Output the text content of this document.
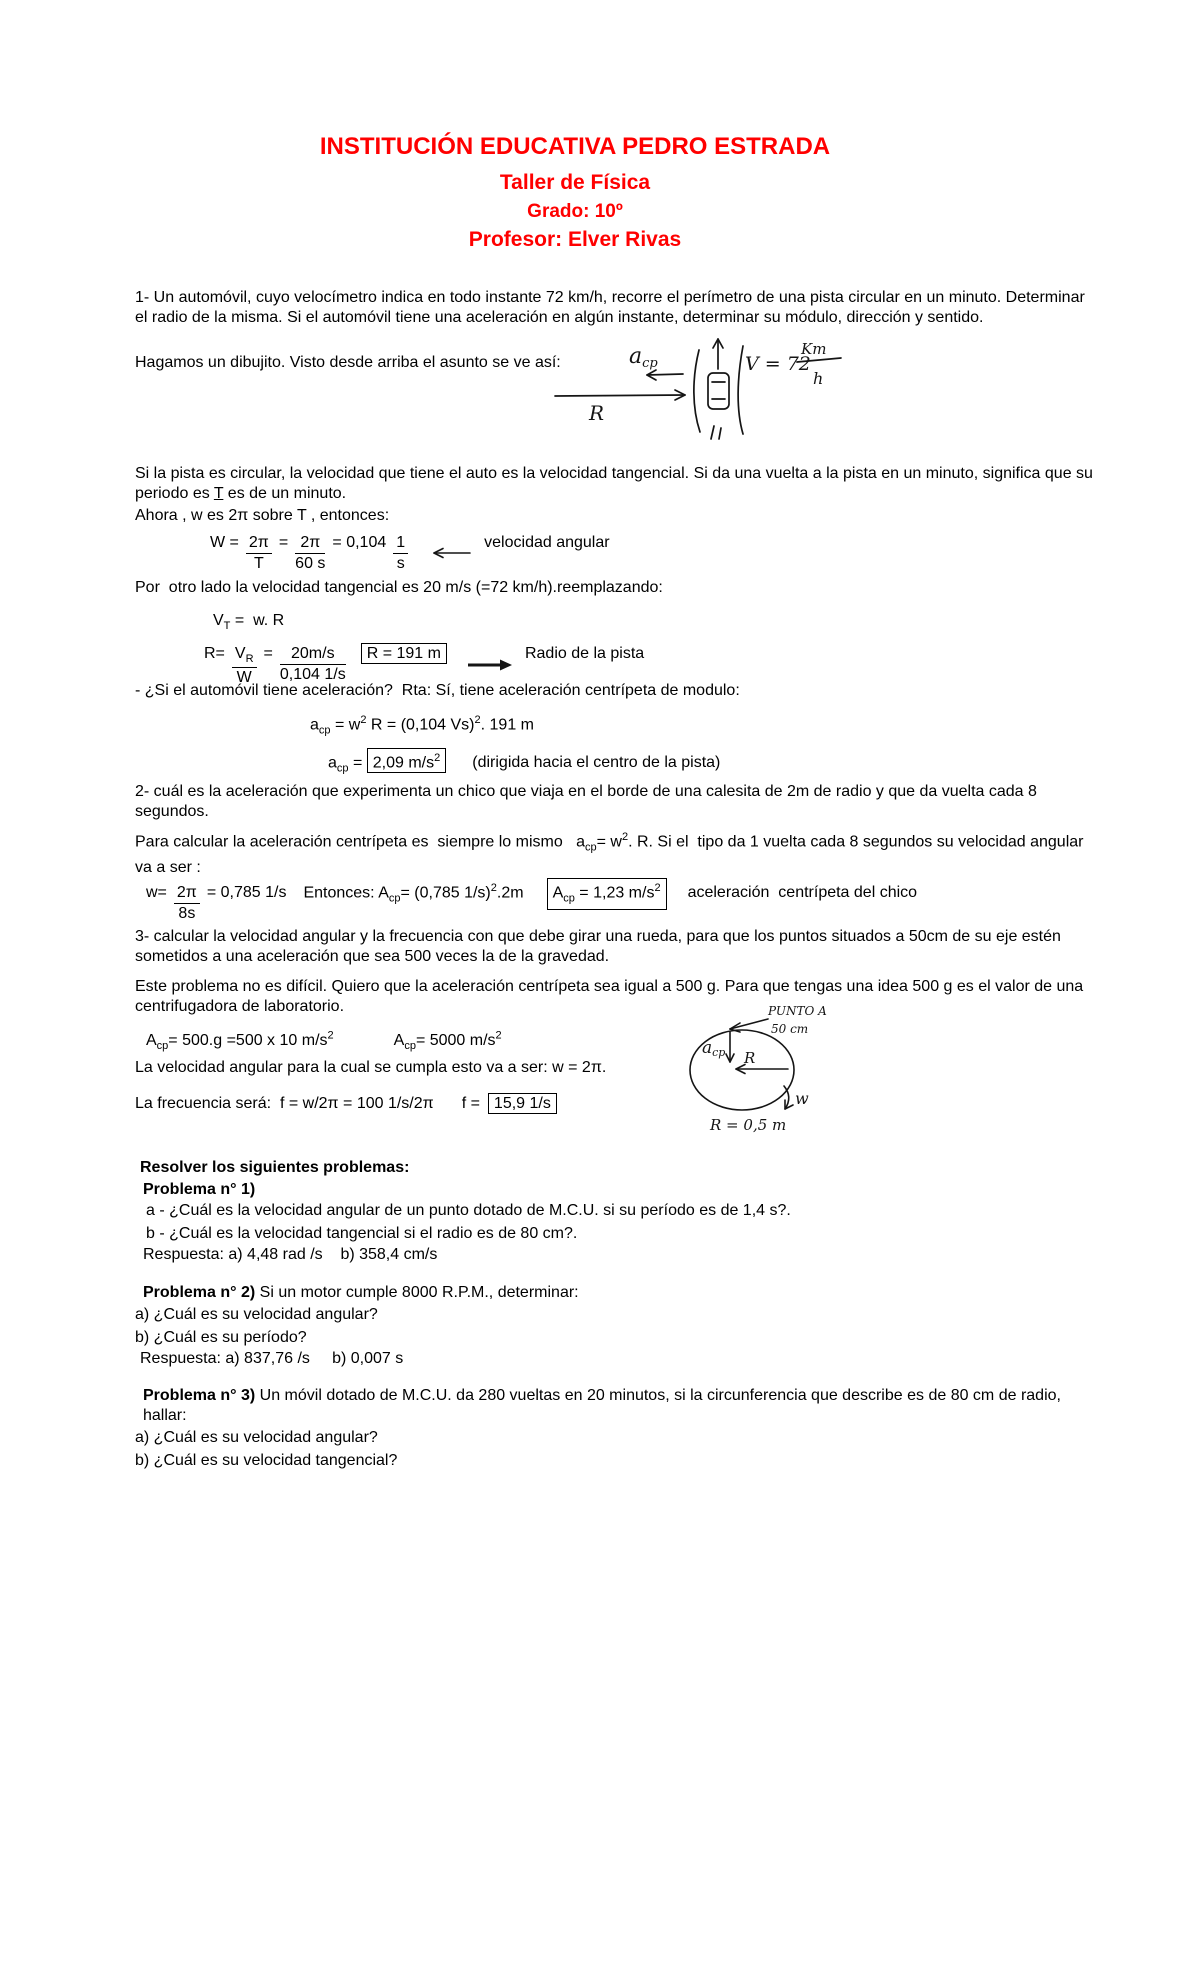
INSTITUCIÓN EDUCATIVA PEDRO ESTRADA
Taller de Física
Grado: 10º
Profesor: Elver Rivas
1- Un automóvil, cuyo velocímetro indica en todo instante 72 km/h, recorre el perímetro de una pista circular en un minuto. Determinar el radio de la misma. Si el automóvil tiene una aceleración en algún instante, determinar su módulo, dirección y sentido.
Hagamos un dibujito. Visto desde arriba el asunto se ve así:	acp	V = 72
Km
h
R
Si la pista es circular, la velocidad que tiene el auto es la velocidad tangencial. Si da una vuelta a la pista en un minuto, significa que su periodo es T es de un minuto.
Ahora , w es 2π sobre T , entonces:
$W = \frac{2\pi}{T} = \frac{2\pi}{60 s} = 0,104 \frac{1}{s}$	velocidad angular
Por  otro lado la velocidad tangencial es 20 m/s (=72 km/h).reemplazando:
$V_T = w$. R
$R= \frac{V_R}{W} = \frac{20m/s}{0,104 1/s}$	R = 191 m	Radio de la pista
- ¿Si el automóvil tiene aceleración?  Rta: Sí, tiene aceleración centrípeta de modulo:
$a_{cp} = w^2$ R = (0,104 Vs)$^2$. 191 m
$a_{cp} = 2,09$ $m/s^2$ (dirigida hacia el centro de la pista)
2- cuál es la aceleración que experimenta un chico que viaja en el borde de una calesita de 2m de radio y que da vuelta cada 8 segundos.
Para calcular la aceleración centrípeta es  siempre lo mismo   $a_{cp}= w^2$. R. Si el  tipo da 1 vuelta cada 8 segundos su velocidad angular va a ser :
$w= \frac{2\pi}{8s} = 0,785$ 1/s Entonces: $A_{cp}= (0,785$ 1/s)$^2$.2m	$A_{cp} = 1,23$ $m/s^2$	aceleración  centrípeta del chico
3- calcular la velocidad angular y la frecuencia con que debe girar una rueda, para que los puntos situados a 50cm de su eje estén sometidos a una aceleración que sea 500 veces la de la gravedad.
Este problema no es difícil. Quiero que la aceleración centrípeta sea igual a 500 g. Para que tengas una idea 500 g es el valor de una centrifugadora de laboratorio.
$A_{cp}= 500.g =500$ x 10 $m/s^2$	$A_{cp}= 5000$ $m/s^2$
PUNTO A
50 cm
acp R
w
R = 0,5 m
La velocidad angular para la cual se cumpla esto va a ser: w = 2π.
La frecuencia será:  f = w/2π = 100 1/s/2π f = 15,9 1/s
Resolver los siguientes problemas:
Problema n° 1)
a - ¿Cuál es la velocidad angular de un punto dotado de M.C.U. si su período es de 1,4 s?.
b - ¿Cuál es la velocidad tangencial si el radio es de 80 cm?.
Respuesta: a) 4,48 rad /s    b) 358,4 cm/s
Problema n° 2) Si un motor cumple 8000 R.P.M., determinar:
a) ¿Cuál es su velocidad angular?
b) ¿Cuál es su período?
Respuesta: a) 837,76 /s     b) 0,007 s
Problema n° 3) Un móvil dotado de M.C.U. da 280 vueltas en 20 minutos, si la circunferencia que describe es de 80 cm de radio, hallar:
a) ¿Cuál es su velocidad angular?
b) ¿Cuál es su velocidad tangencial?
